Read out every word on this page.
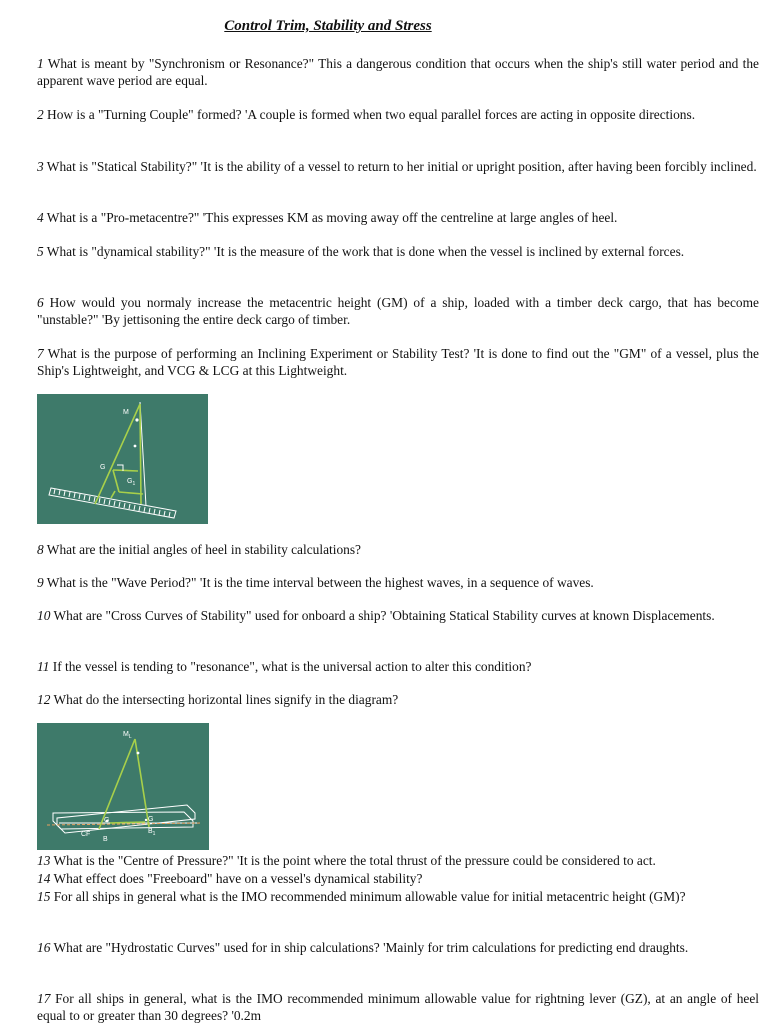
Control Trim, Stability and Stress

1 What is meant by "Synchronism or Resonance?" This a dangerous condition that occurs when the ship's still water period and the apparent wave period are equal.

2 How is a "Turning Couple" formed? 'A couple is formed when two equal parallel forces are acting in opposite directions.

3 What is "Statical Stability?" 'It is the ability of a vessel to return to her initial or upright position, after having been forcibly inclined.

4 What is a "Pro-metacentre?" 'This expresses KM as moving away off the centreline at large angles of heel.

5 What is "dynamical stability?" 'It is the measure of the work that is done when the vessel is inclined by external forces.

6 How would you normaly increase the metacentric height (GM) of a ship, loaded with a timber deck cargo, that has become "unstable?" 'By jettisoning the entire deck cargo of timber.

7 What is the purpose of performing an Inclining Experiment or Stability Test? 'It is done to find out the "GM" of a vessel, plus the Ship's Lightweight, and VCG & LCG at this Lightweight.

M
G
$G_1$

8 What are the initial angles of heel in stability calculations?

9 What is the "Wave Period?" 'It is the time interval between the highest waves, in a sequence of waves.

10 What are "Cross Curves of Stability" used for onboard a ship? 'Obtaining Statical Stability curves at known Displacements.

11 If the vessel is tending to "resonance", what is the universal action to alter this condition?

12 What do the intersecting horizontal lines signify in the diagram?

$M_L$
G	G
CF
B
$B_1$

13 What is the "Centre of Pressure?" 'It is the point where the total thrust of the pressure could be considered to act.

14 What effect does "Freeboard" have on a vessel's dynamical stability?

15 For all ships in general what is the IMO recommended minimum allowable value for initial metacentric height (GM)?

16 What are "Hydrostatic Curves" used for in ship calculations? 'Mainly for trim calculations for predicting end draughts.

17 For all ships in general, what is the IMO recommended minimum allowable value for rightning lever (GZ), at an angle of heel equal to or greater than 30 degrees? '0.2m
